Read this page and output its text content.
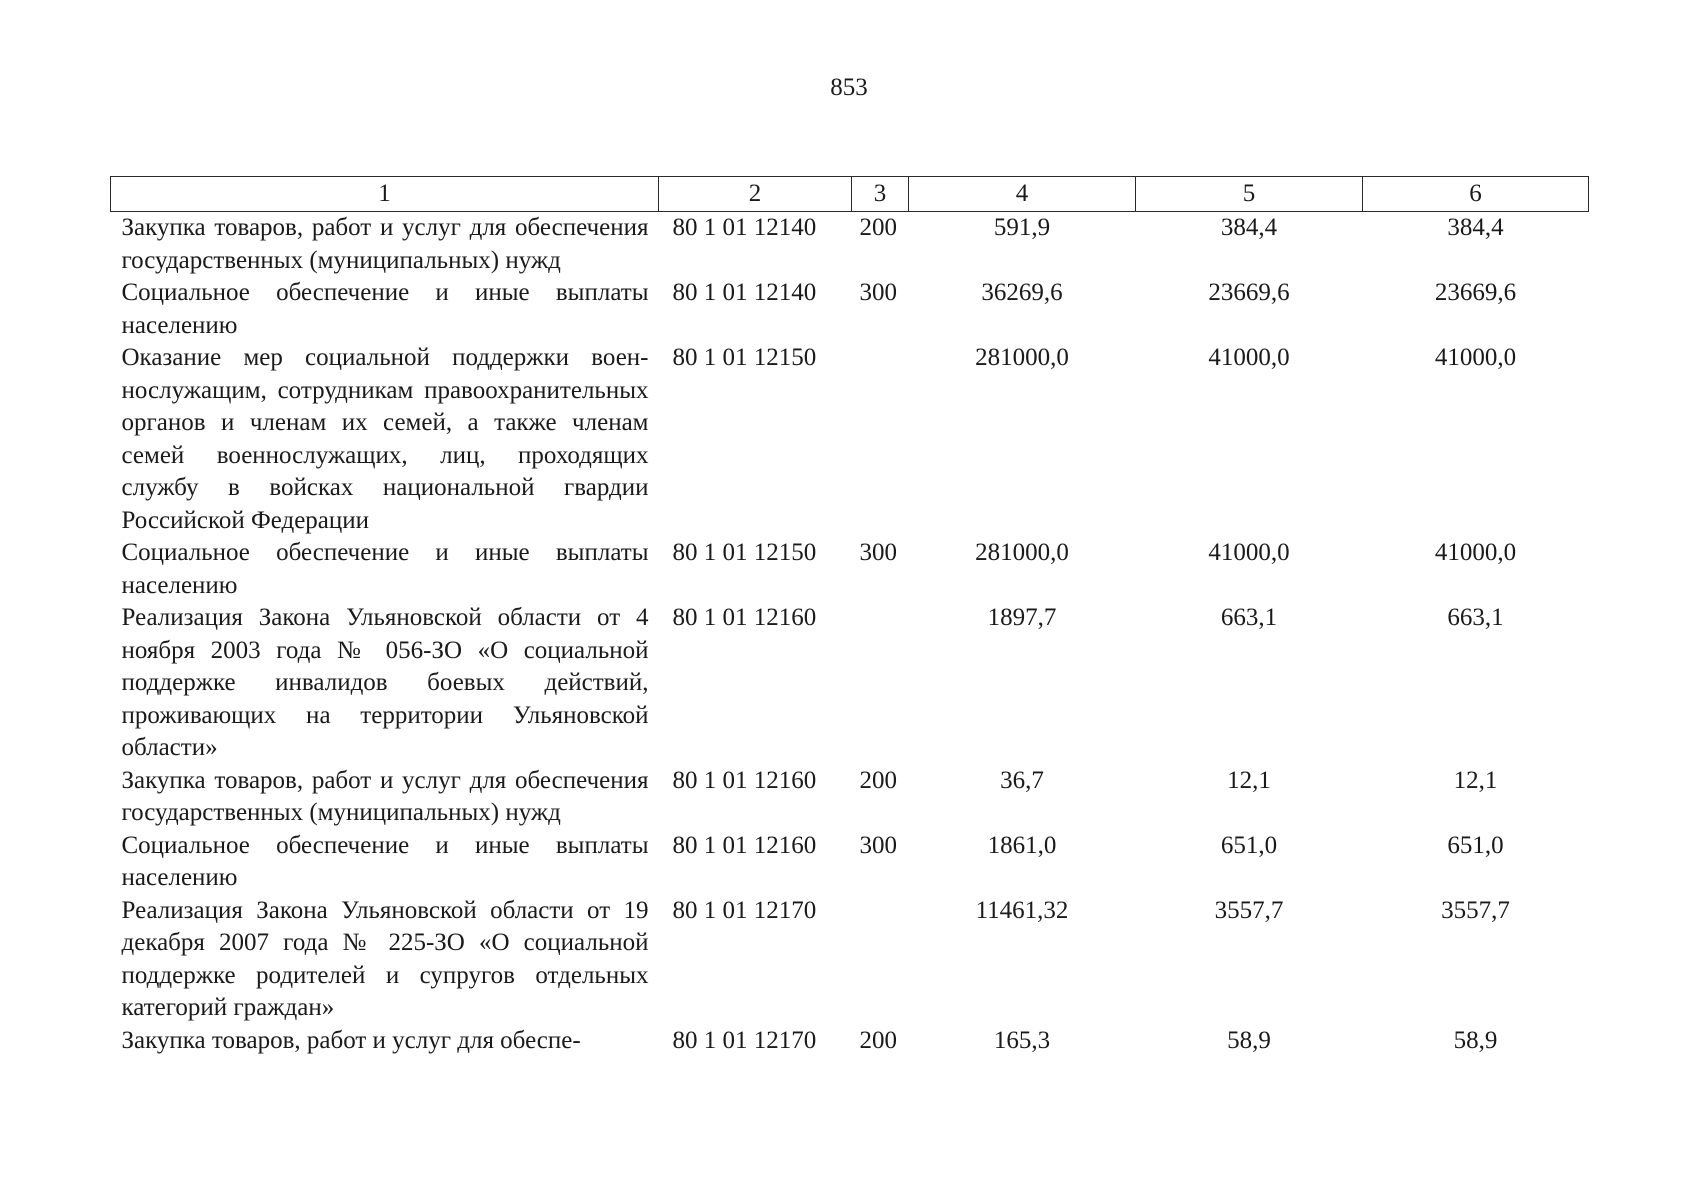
853
1	2	3	4	5	6
Закупка товаров, работ и услуг для обеспечения государственных (муниципальных) нужд	80 1 01 12140	200	591,9	384,4	384,4
Социальное обеспечение и иные выплаты населению	80 1 01 12140	300	36269,6	23669,6	23669,6
Оказание мер социальной поддержки военнослужащим, сотрудникам правоохранительных органов и членам их семей, а также членам семей военнослужащих, лиц, проходящих службу в войсках национальной гвардии Российской Федерации	80 1 01 12150		281000,0	41000,0	41000,0
Социальное обеспечение и иные выплаты населению	80 1 01 12150	300	281000,0	41000,0	41000,0
Реализация Закона Ульяновской области от 4 ноября 2003 года № 056-ЗО «О социальной поддержке инвалидов боевых действий, проживающих на территории Ульяновской области»	80 1 01 12160		1897,7	663,1	663,1
Закупка товаров, работ и услуг для обеспечения государственных (муниципальных) нужд	80 1 01 12160	200	36,7	12,1	12,1
Социальное обеспечение и иные выплаты населению	80 1 01 12160	300	1861,0	651,0	651,0
Реализация Закона Ульяновской области от 19 декабря 2007 года № 225-ЗО «О социальной поддержке родителей и супругов отдельных категорий граждан»	80 1 01 12170		11461,32	3557,7	3557,7
Закупка товаров, работ и услуг для обеспе-	80 1 01 12170	200	165,3	58,9	58,9
